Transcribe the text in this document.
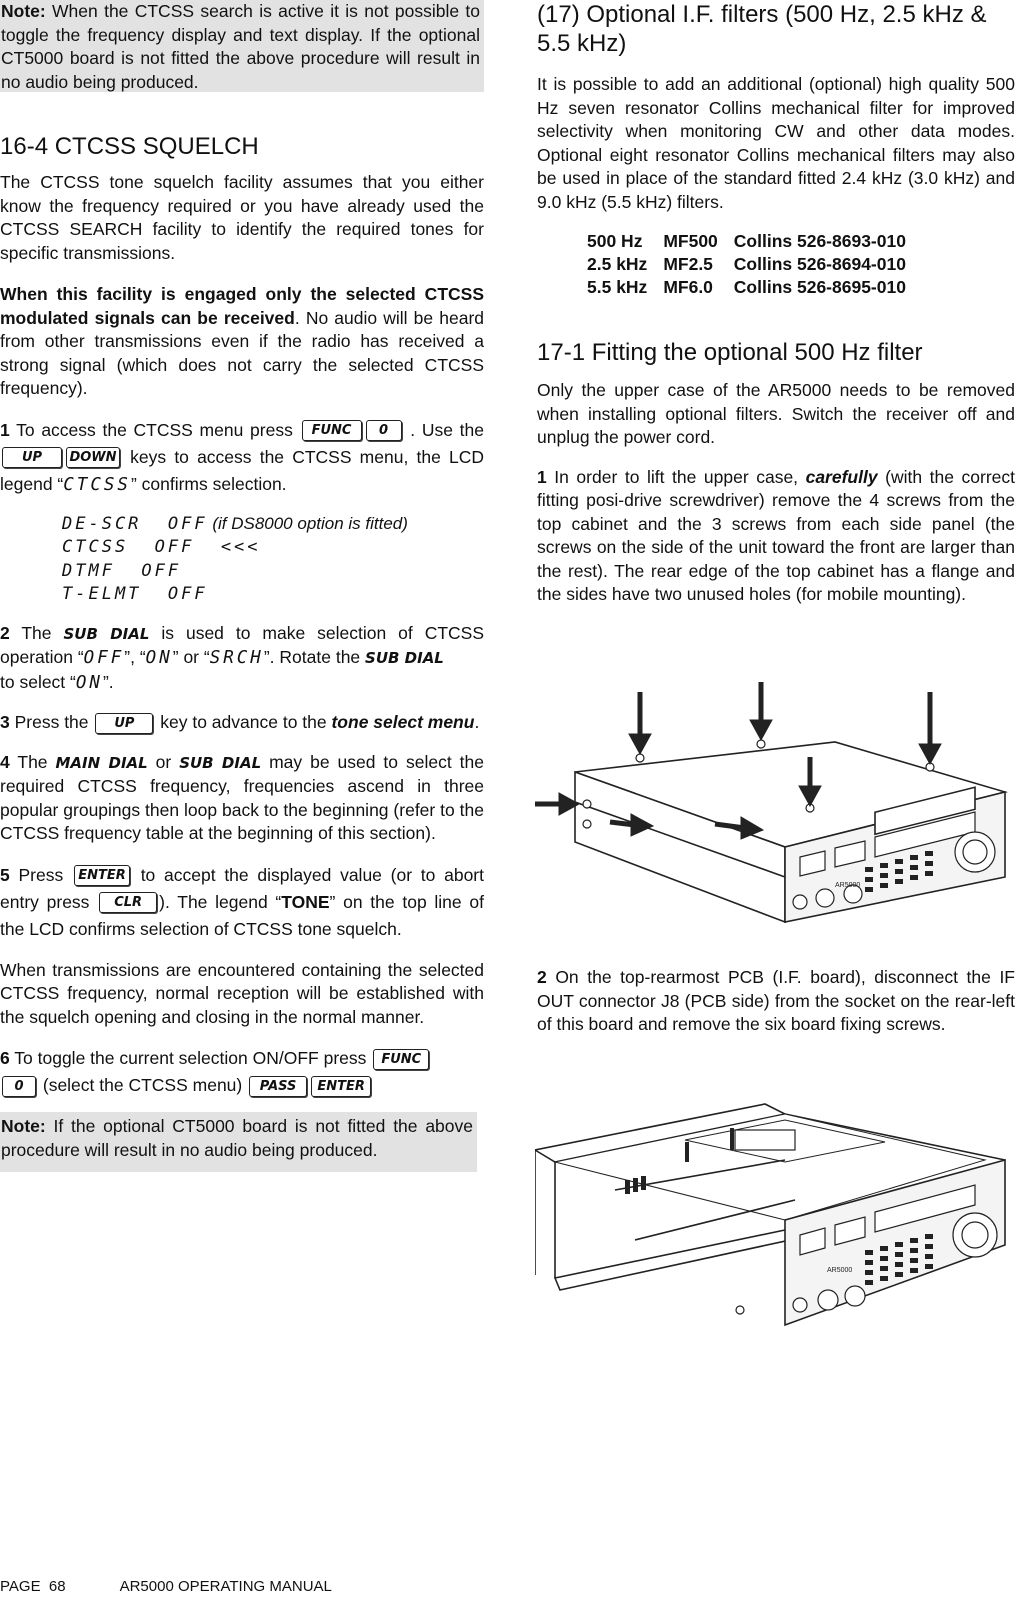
Note: When the CTCSS search is active it is not possible to toggle the frequency display and text display. If the optional CT5000 board is not fitted the above procedure will result in no audio being produced.
16-4 CTCSS SQUELCH

The CTCSS tone squelch facility assumes that you either know the frequency required or you have already used the CTCSS SEARCH facility to identify the required tones for specific transmissions.

When this facility is engaged only the selected CTCSS modulated signals can be received. No audio will be heard from other transmissions even if the radio has received a strong signal (which does not carry the selected CTCSS frequency).

1 To access the CTCSS menu press FUNC 0 . Use the UP DOWN keys to access the CTCSS menu, the LCD legend “CTCSS” confirms selection.

DE-SCR  OFF (if DS8000 option is fitted)
CTCSS  OFF  <<<
DTMF  OFF
T-ELMT  OFF

2 The SUB DIAL is used to make selection of CTCSS operation “OFF”, “ON” or “SRCH”. Rotate the SUB DIAL
to select “ON”.

3 Press the UP key to advance to the tone select menu.

4 The MAIN DIAL or SUB DIAL may be used to select the required CTCSS frequency, frequencies ascend in three popular groupings then loop back to the beginning (refer to the CTCSS frequency table at the beginning of this section).

5 Press ENTER to accept the displayed value (or to abort entry press CLR ). The legend “TONE” on the top line of the LCD confirms selection of CTCSS tone squelch.

When transmissions are encountered containing the selected CTCSS frequency, normal reception will be established with the squelch opening and closing in the normal manner.

6 To toggle the current selection ON/OFF press FUNC
0 (select the CTCSS menu) PASS ENTER

Note: If the optional CT5000 board is not fitted the above procedure will result in no audio being produced.
(17) Optional I.F. filters (500 Hz, 2.5 kHz & 5.5 kHz)

It is possible to add an additional (optional) high quality 500 Hz seven resonator Collins mechanical filter for improved selectivity when monitoring CW and other data modes. Optional eight resonator Collins mechanical filters may also be used in place of the standard fitted 2.4 kHz (3.0 kHz) and 9.0 kHz (5.5 kHz) filters.

500 Hz	MF500	Collins 526-8693-010
2.5 kHz	MF2.5	Collins 526-8694-010
5.5 kHz	MF6.0	Collins 526-8695-010
17-1 Fitting the optional 500 Hz filter

Only the upper case of the AR5000 needs to be removed when installing optional filters. Switch the receiver off and unplug the power cord.

1 In order to lift the upper case, carefully (with the correct fitting posi-drive screwdriver) remove the 4 screws from the top cabinet and the 3 screws from each side panel (the screws on the side of the unit toward the front are larger than the rest). The rear edge of the top cabinet has a flange and the sides have two unused holes (for mobile mounting).

AR5000

2 On the top-rearmost PCB (I.F. board), disconnect the IF OUT connector J8 (PCB side) from the socket on the rear-left of this board and remove the six board fixing screws.

AR5000
PAGE  68	AR5000 OPERATING MANUAL
